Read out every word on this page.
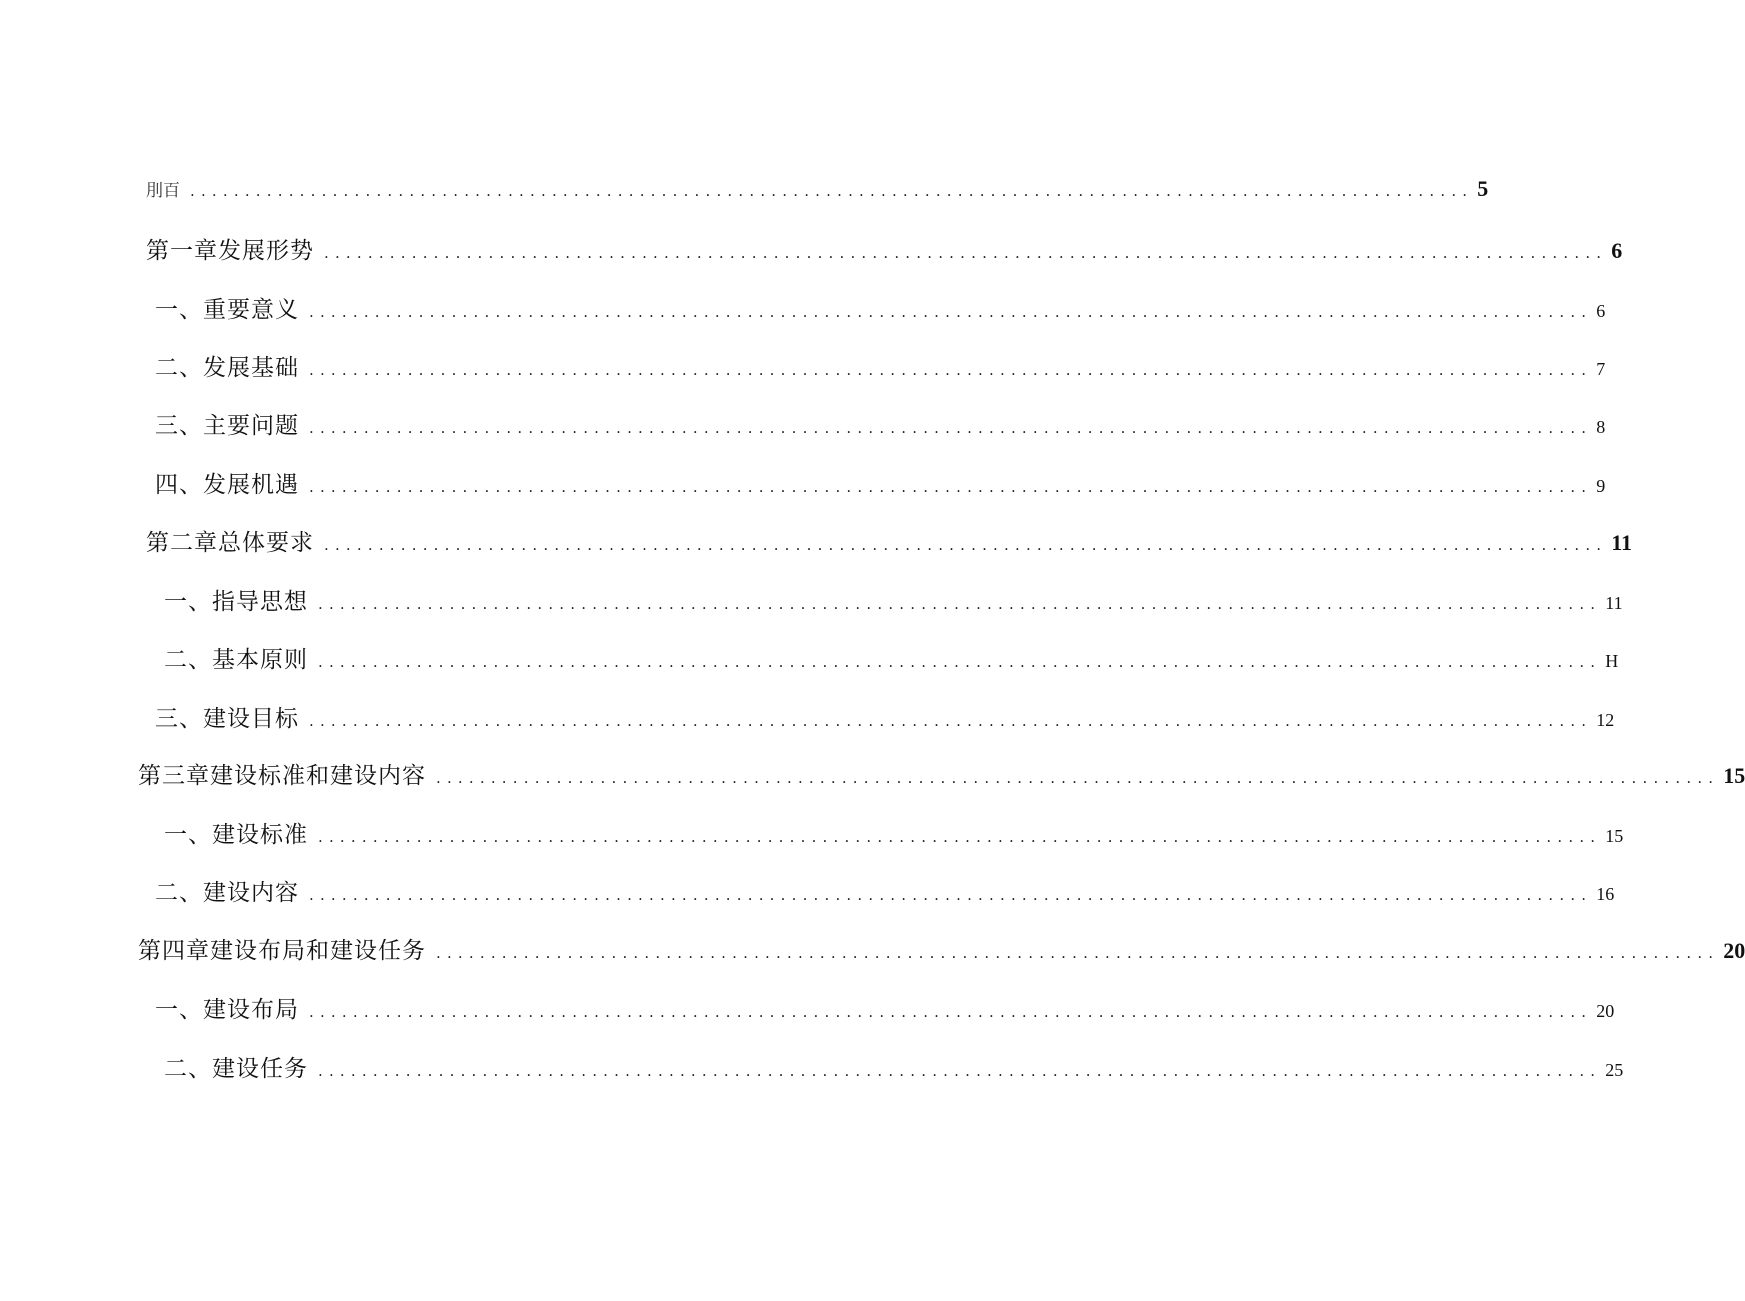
刖百 ..................................................................................................................... 5
第一章发展形势 ..................................................................................................................... 6
一、重要意义 ..................................................................................................................... 6
二、发展基础 ..................................................................................................................... 7
三、主要问题 ..................................................................................................................... 8
四、发展机遇 ..................................................................................................................... 9
第二章总体要求 ..................................................................................................................... 11
一、指导思想 ..................................................................................................................... 11
二、基本原则 ..................................................................................................................... H
三、建设目标 ..................................................................................................................... 12
第三章建设标准和建设内容 ..................................................................................................................... 15
一、建设标准 ..................................................................................................................... 15
二、建设内容 ..................................................................................................................... 16
第四章建设布局和建设任务 ..................................................................................................................... 20
一、建设布局 ..................................................................................................................... 20
二、建设任务 ..................................................................................................................... 25
